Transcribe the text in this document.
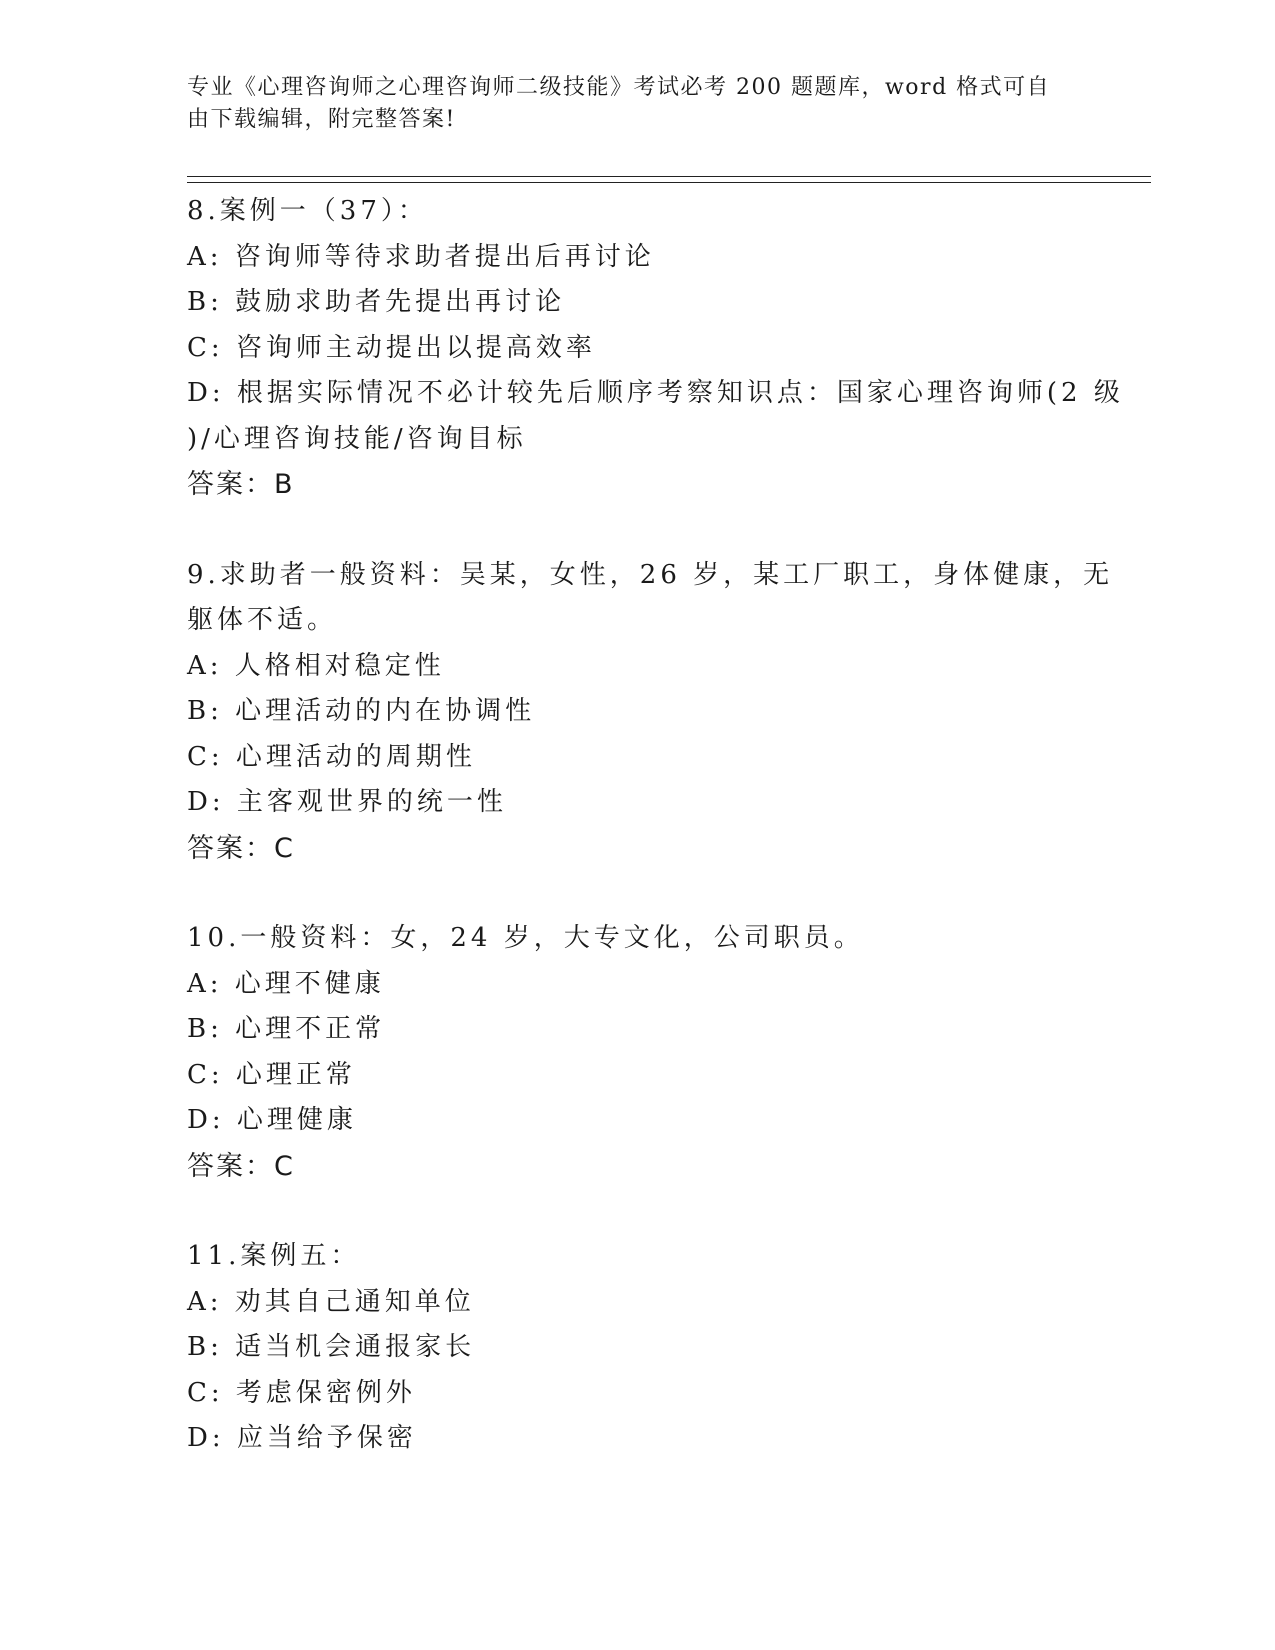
专业《心理咨询师之心理咨询师二级技能》考试必考 200 题题库，word 格式可自
由下载编辑，附完整答案!
8.案例一（37）：
A: 咨询师等待求助者提出后再讨论
B: 鼓励求助者先提出再讨论
C: 咨询师主动提出以提高效率
D: 根据实际情况不必计较先后顺序考察知识点：国家心理咨询师(2 级
)/心理咨询技能/咨询目标
答案：B
9.求助者一般资料：吴某，女性，26 岁，某工厂职工，身体健康，无
躯体不适。
A: 人格相对稳定性
B: 心理活动的内在协调性
C: 心理活动的周期性
D: 主客观世界的统一性
答案：C
10.一般资料：女，24 岁，大专文化，公司职员。
A: 心理不健康
B: 心理不正常
C: 心理正常
D: 心理健康
答案：C
11.案例五：
A: 劝其自己通知单位
B: 适当机会通报家长
C: 考虑保密例外
D: 应当给予保密
